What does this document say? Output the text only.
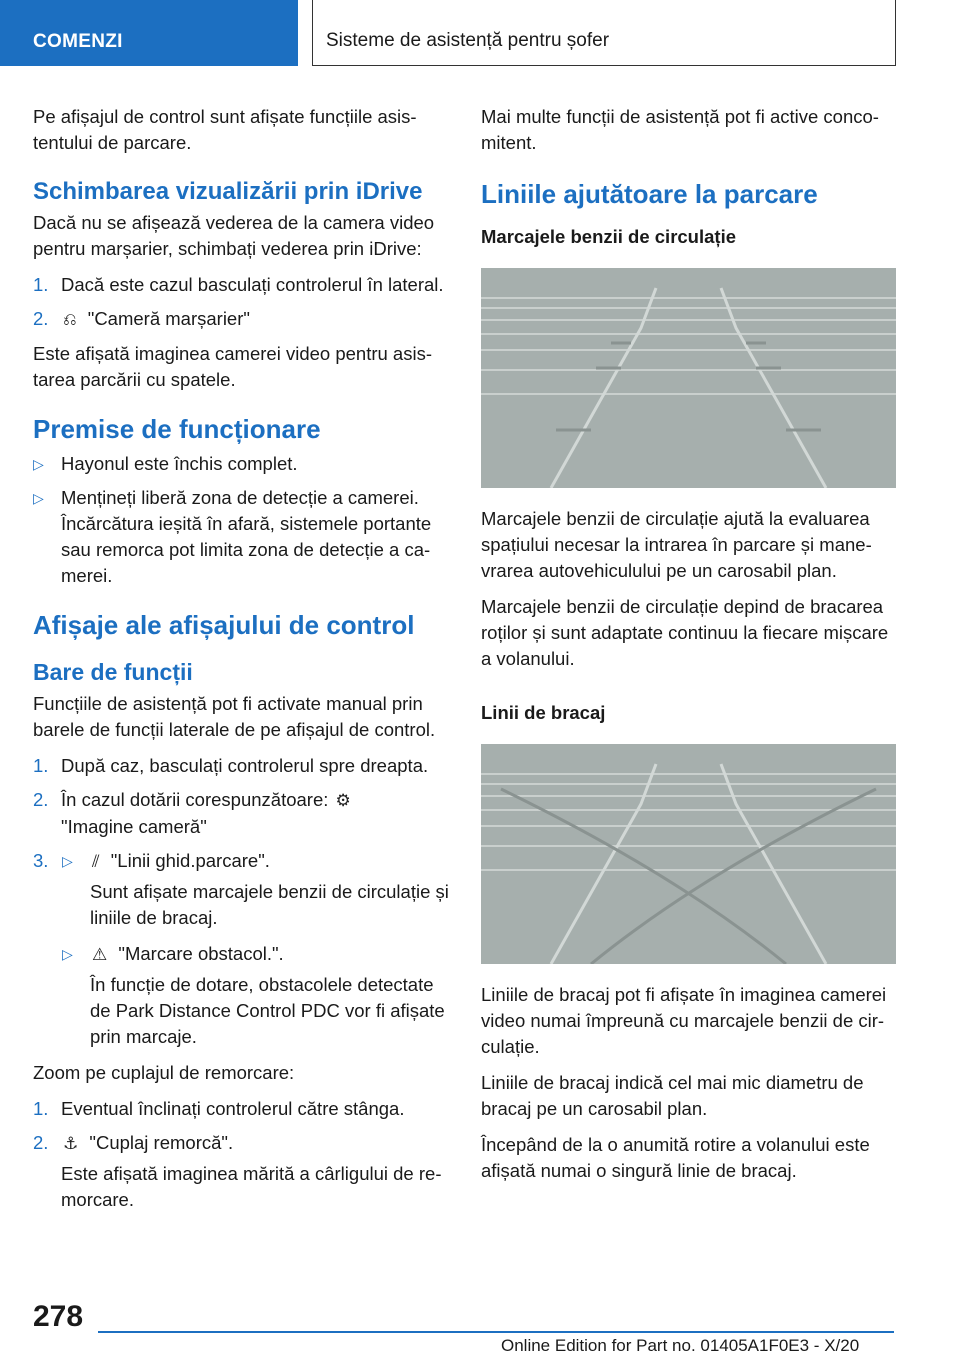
COMENZI	Sisteme de asistență pentru șofer

Pe afișajul de control sunt afișate funcțiile asistentului de parcare.

Schimbarea vizualizării prin iDrive

Dacă nu se afișează vederea de la camera video pentru marșarier, schimbați vederea prin iDrive:

1. Dacă este cazul basculați controlerul în lateral.
2. ⎌ "Cameră marșarier"

Este afișată imaginea camerei video pentru asistarea parcării cu spatele.

Premise de funcționare
▷ Hayonul este închis complet.
▷ Mențineți liberă zona de detecție a camerei. Încărcătura ieșită în afară, sistemele portante sau remorca pot limita zona de detecție a camerei.
Afișaje ale afișajului de control
Bare de funcții

Funcțiile de asistență pot fi activate manual prin barele de funcții laterale de pe afișajul de control.

1. După caz, basculați controlerul spre dreapta.
2. În cazul dotării corespunzătoare: ⚙
"Imagine cameră"
3. ▷ ⫽ "Linii ghid.parcare".
Sunt afișate marcajele benzii de circulație și liniile de bracaj.
▷ ⚠ "Marcare obstacol.".
În funcție de dotare, obstacolele detectate de Park Distance Control PDC vor fi afișate prin marcaje.

Zoom pe cuplajul de remorcare:

1. Eventual înclinați controlerul către stânga.
2. ⚓ "Cuplaj remorcă".
Este afișată imaginea mărită a cârligului de remorcare.

Mai multe funcții de asistență pot fi active concomitent.

Liniile ajutătoare la parcare
Marcajele benzii de circulație

Marcajele benzii de circulație ajută la evaluarea spațiului necesar la intrarea în parcare și manevrarea autovehiculului pe un carosabil plan.

Marcajele benzii de circulație depind de bracarea roților și sunt adaptate continuu la fiecare mișcare a volanului.

Linii de bracaj

Liniile de bracaj pot fi afișate în imaginea camerei video numai împreună cu marcajele benzii de circulație.

Liniile de bracaj indică cel mai mic diametru de bracaj pe un carosabil plan.

Începând de la o anumită rotire a volanului este afișată numai o singură linie de bracaj.

278
Online Edition for Part no. 01405A1F0E3 - X/20
